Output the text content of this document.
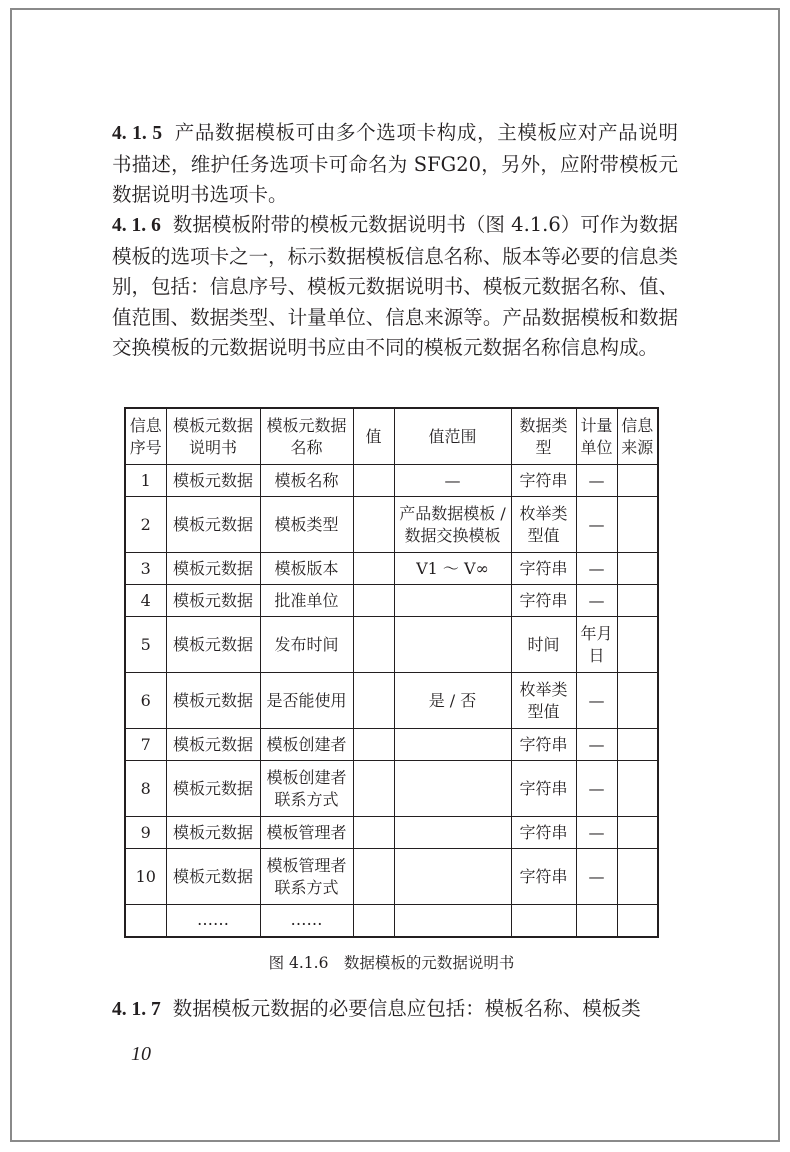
4. 1. 5 产品数据模板可由多个选项卡构成，主模板应对产品说明书描述，维护任务选项卡可命名为 SFG20，另外，应附带模板元数据说明书选项卡。

4. 1. 6 数据模板附带的模板元数据说明书（图 4.1.6）可作为数据模板的选项卡之一，标示数据模板信息名称、版本等必要的信息类别，包括：信息序号、模板元数据说明书、模板元数据名称、值、值范围、数据类型、计量单位、信息来源等。产品数据模板和数据交换模板的元数据说明书应由不同的模板元数据名称信息构成。

信息序号	模板元数据说明书	模板元数据名称	值	值范围	数据类型	计量单位	信息来源
1	模板元数据	模板名称		—	字符串	—	
2	模板元数据	模板类型		产品数据模板 / 数据交换模板	枚举类型值	—	
3	模板元数据	模板版本		V1 ～ V∞	字符串	—	
4	模板元数据	批准单位			字符串	—	
5	模板元数据	发布时间			时间	年月日	
6	模板元数据	是否能使用		是 / 否	枚举类型值	—	
7	模板元数据	模板创建者			字符串	—	
8	模板元数据	模板创建者联系方式			字符串	—	
9	模板元数据	模板管理者			字符串	—	
10	模板元数据	模板管理者联系方式			字符串	—	
	……	……					
图 4.1.6　数据模板的元数据说明书

4. 1. 7 数据模板元数据的必要信息应包括：模板名称、模板类

10
